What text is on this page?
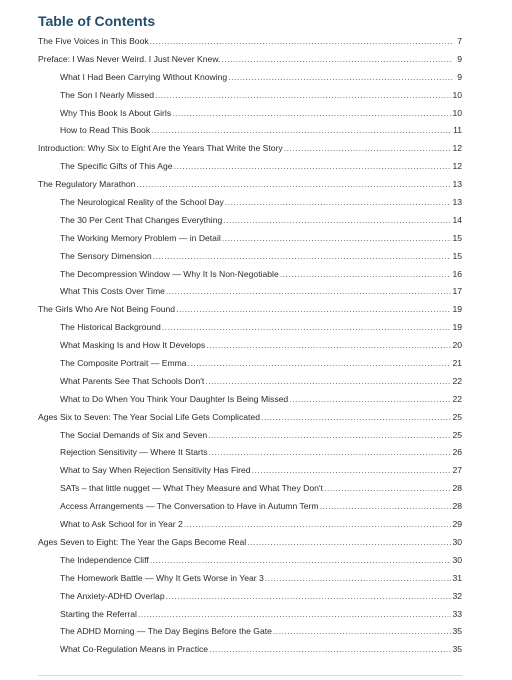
Table of Contents
The Five Voices in This Book .....	7
Preface: I Was Never Weird. I Just Never Knew. .....	9
What I Had Been Carrying Without Knowing .....	9
The Son I Nearly Missed .....	10
Why This Book Is About Girls .....	10
How to Read This Book .....	11
Introduction: Why Six to Eight Are the Years That Write the Story .....	12
The Specific Gifts of This Age .....	12
The Regulatory Marathon .....	13
The Neurological Reality of the School Day .....	13
The 30 Per Cent That Changes Everything .....	14
The Working Memory Problem — in Detail .....	15
The Sensory Dimension .....	15
The Decompression Window — Why It Is Non-Negotiable .....	16
What This Costs Over Time .....	17
The Girls Who Are Not Being Found .....	19
The Historical Background .....	19
What Masking Is and How It Develops .....	20
The Composite Portrait — Emma .....	21
What Parents See That Schools Don't .....	22
What to Do When You Think Your Daughter Is Being Missed .....	22
Ages Six to Seven: The Year Social Life Gets Complicated .....	25
The Social Demands of Six and Seven .....	25
Rejection Sensitivity — Where It Starts .....	26
What to Say When Rejection Sensitivity Has Fired .....	27
SATs – that little nugget — What They Measure and What They Don't .....	28
Access Arrangements — The Conversation to Have in Autumn Term .....	28
What to Ask School for in Year 2 .....	29
Ages Seven to Eight: The Year the Gaps Become Real .....	30
The Independence Cliff .....	30
The Homework Battle — Why It Gets Worse in Year 3 .....	31
The Anxiety-ADHD Overlap .....	32
Starting the Referral .....	33
The ADHD Morning — The Day Begins Before the Gate .....	35
What Co-Regulation Means in Practice .....	35
